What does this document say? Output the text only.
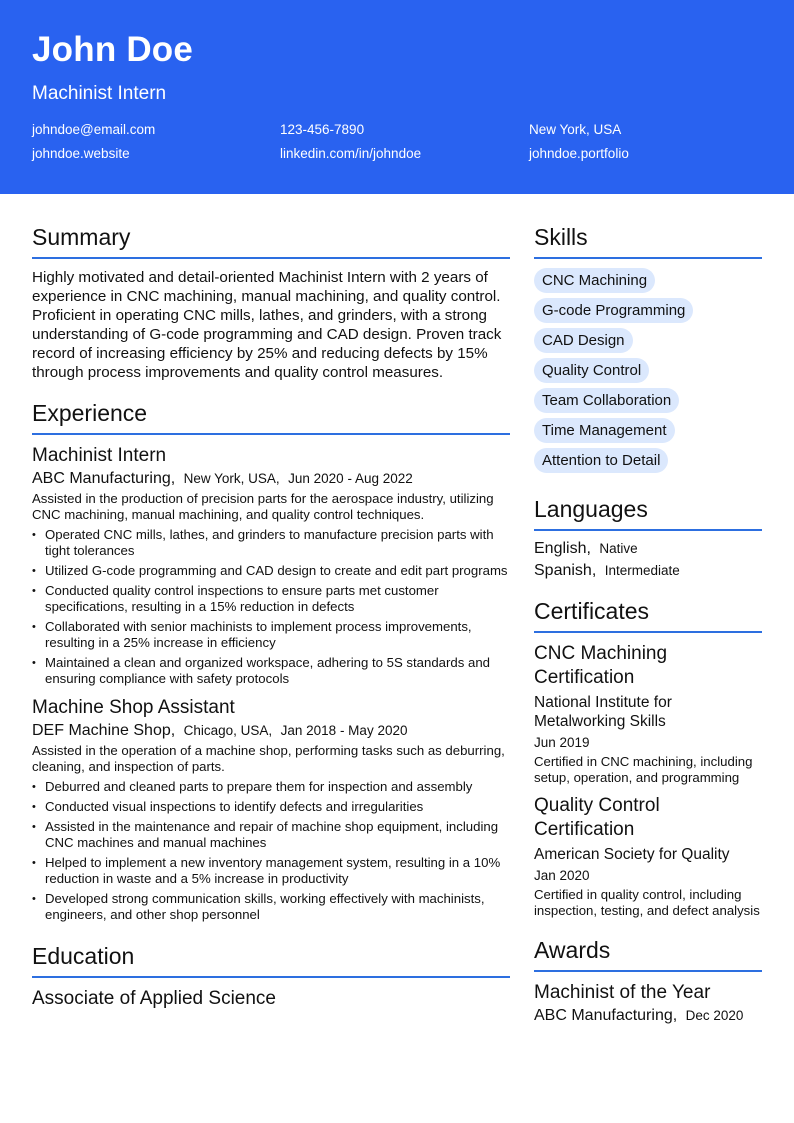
John Doe
Machinist Intern
johndoe@email.com	123-456-7890	New York, USA
johndoe.website	linkedin.com/in/johndoe	johndoe.portfolio
Summary

Highly motivated and detail-oriented Machinist Intern with 2 years of experience in CNC machining, manual machining, and quality control. Proficient in operating CNC mills, lathes, and grinders, with a strong understanding of G-code programming and CAD design. Proven track record of increasing efficiency by 25% and reducing defects by 15% through process improvements and quality control measures.

Experience
Machinist Intern
ABC Manufacturing, New York, USA, Jun 2020 - Aug 2022

Assisted in the production of precision parts for the aerospace industry, utilizing CNC machining, manual machining, and quality control techniques.

• Operated CNC mills, lathes, and grinders to manufacture precision parts with tight tolerances
• Utilized G-code programming and CAD design to create and edit part programs
• Conducted quality control inspections to ensure parts met customer specifications, resulting in a 15% reduction in defects
• Collaborated with senior machinists to implement process improvements, resulting in a 25% increase in efficiency
• Maintained a clean and organized workspace, adhering to 5S standards and ensuring compliance with safety protocols
Machine Shop Assistant
DEF Machine Shop, Chicago, USA, Jan 2018 - May 2020

Assisted in the operation of a machine shop, performing tasks such as deburring, cleaning, and inspection of parts.

• Deburred and cleaned parts to prepare them for inspection and assembly
• Conducted visual inspections to identify defects and irregularities
• Assisted in the maintenance and repair of machine shop equipment, including CNC machines and manual machines
• Helped to implement a new inventory management system, resulting in a 10% reduction in waste and a 5% increase in productivity
• Developed strong communication skills, working effectively with machinists, engineers, and other shop personnel
Education
Associate of Applied Science
Skills
CNC Machining
G-code Programming
CAD Design
Quality Control
Team Collaboration
Time Management
Attention to Detail
Languages
English, Native
Spanish, Intermediate
Certificates
CNC Machining Certification
National Institute for Metalworking Skills
Jun 2019
Certified in CNC machining, including setup, operation, and programming
Quality Control Certification
American Society for Quality
Jan 2020
Certified in quality control, including inspection, testing, and defect analysis
Awards
Machinist of the Year
ABC Manufacturing, Dec 2020
